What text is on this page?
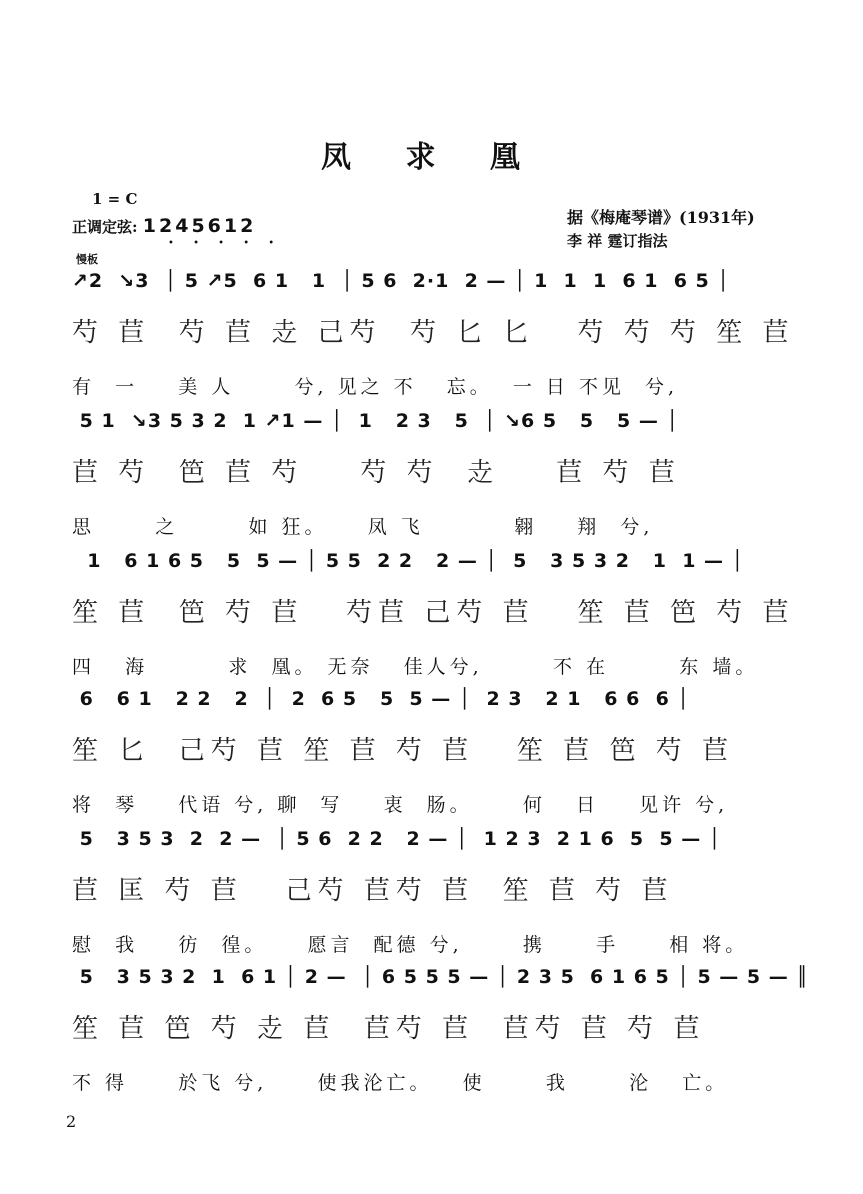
凤 求 凰
1 = C
正调定弦: 1245612
• • • • •
据《梅庵琴谱》(1931年)
李 祥 霆订指法
慢板
↗2  ↘3  │ 5 ↗5  6 1   1  │ 5 6  2·1  2 — │ 1  1  1  6 1  6 5 │
芍 苣  芍 苣 赱 己芍  芍 匕 匕   芍 芍 芍 笙 苣
有  一    美 人      兮, 见之 不   忘。  一 日 不见  兮,
5 1  ↘3 5 3 2  1 ↗1 — │  1   2 3   5  │ ↘6 5   5   5 — │
苣 芍  笆 苣 芍    芍 芍  赱    苣 芍 苣
思      之       如 狂。    凤 飞         翱    翔  兮,
1   6 1 6 5   5  5 — │ 5 5  2 2   2 — │  5   3 5 3 2   1  1 — │
笙 苣  笆 芍 苣   芍苣 己芍 苣   笙 苣 笆 芍 苣
四   海        求  凰。 无奈   佳人兮,       不 在       东 墙。
6   6 1   2 2   2  │  2  6 5   5  5 — │  2 3   2 1   6 6  6 │
笙 匕  己芍 苣 笙 苣 芍 苣   笙 苣 笆 芍 苣
将  琴    代语 兮, 聊  写    衷  肠。     何   日    见许 兮,
5   3 5 3  2  2 —  │ 5 6  2 2   2 — │  1 2 3  2 1 6  5  5 — │
苣 匡 芍 苣   己芍 苣芍 苣  笙 苣 芍 苣
慰  我    彷  徨。    愿言  配德 兮,      携     手     相 将。
5   3 5 3 2  1  6 1 │ 2 —  │ 6 5 5 5 — │ 2 3 5  6 1 6 5 │ 5 — 5 — ║
笙 苣 笆 芍 赱 苣  苣芍 苣  苣芍 苣 芍 苣
不 得     於飞 兮,     使我沦亡。   使      我      沦   亡。
2
